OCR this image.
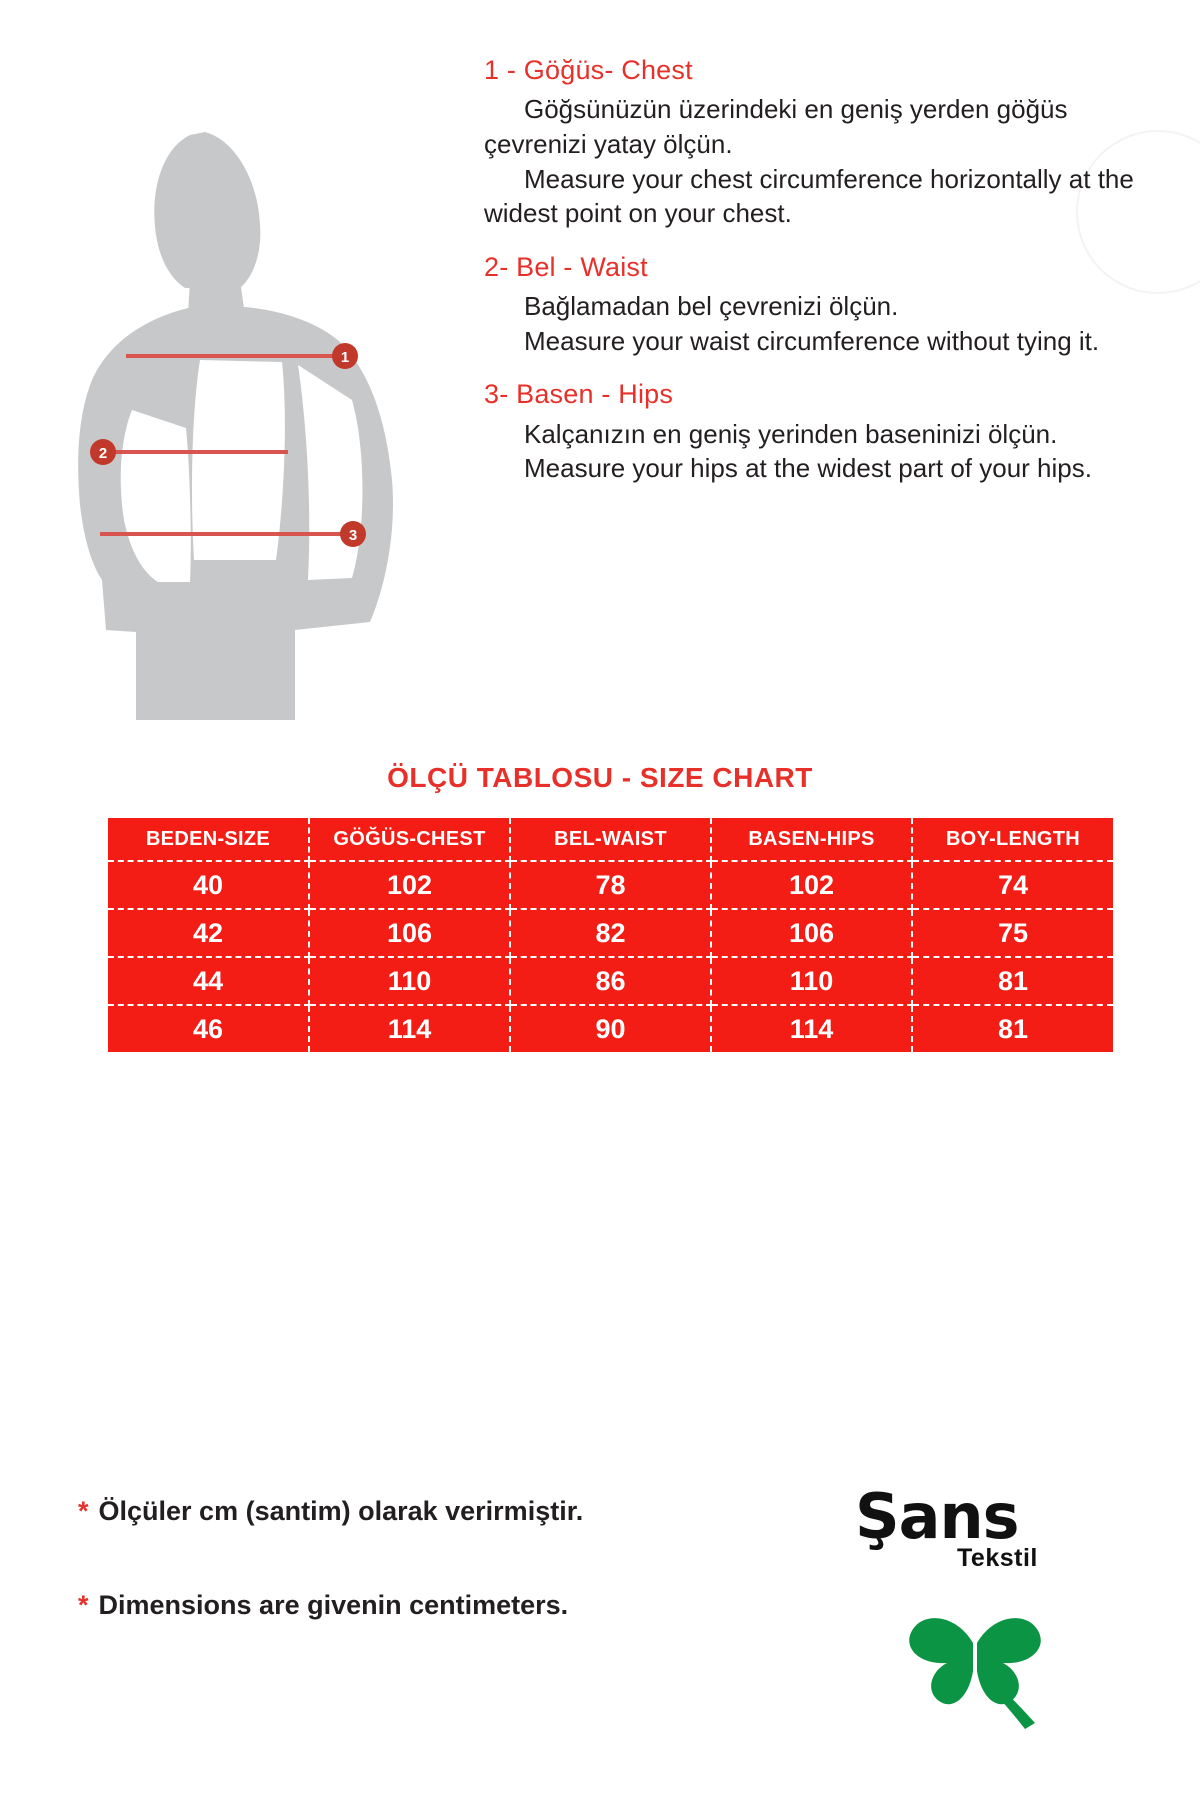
1
2
3

1 - Göğüs- Chest

Göğsünüzün üzerindeki en geniş yerden göğüs çevrenizi yatay ölçün.

Measure your chest circumference horizontally at the widest point on your chest.

2- Bel - Waist

Bağlamadan bel çevrenizi ölçün.

Measure your waist circumference without tying it.

3- Basen - Hips

Kalçanızın en geniş yerinden baseninizi ölçün.

Measure your hips at the widest part of your hips.

ÖLÇÜ TABLOSU - SIZE CHART
BEDEN-SIZE	GÖĞÜS-CHEST	BEL-WAIST	BASEN-HIPS	BOY-LENGTH
40	102	78	102	74
42	106	82	106	75
44	110	86	110	81
46	114	90	114	81
* Ölçüler cm (santim) olarak verirmiştir.
* Dimensions are givenin centimeters.
Şans
Tekstil
